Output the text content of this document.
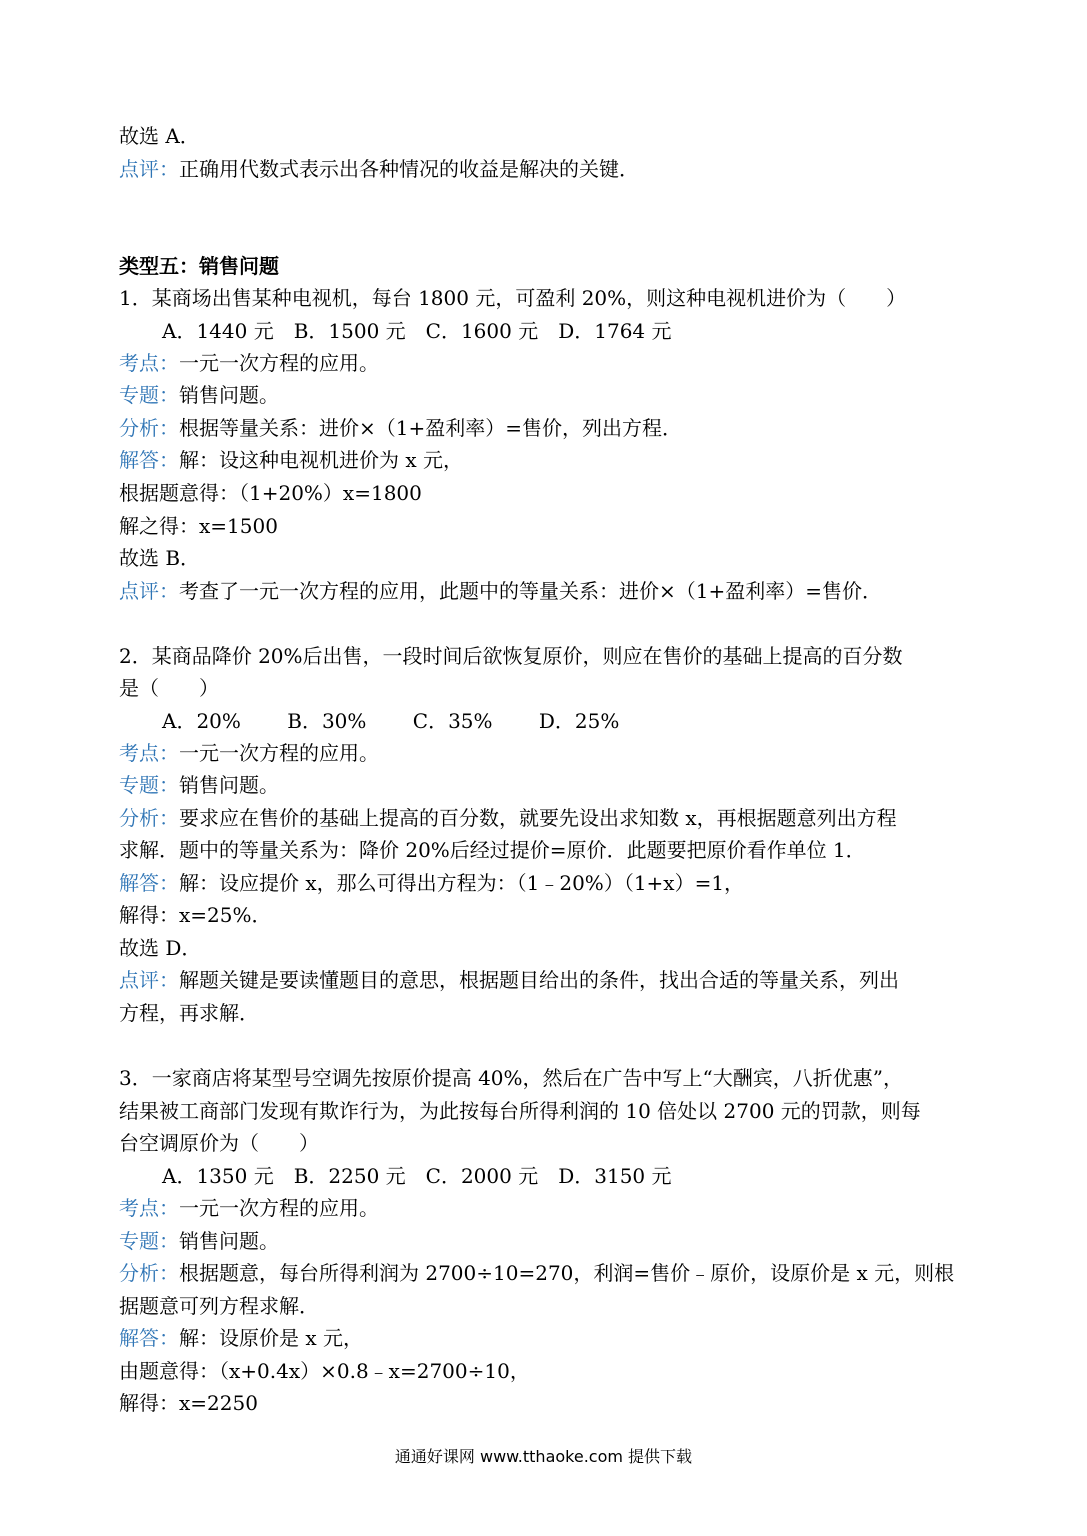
故选 A．
点评：正确用代数式表示出各种情况的收益是解决的关键．
类型五：销售问题
1．某商场出售某种电视机，每台 1800 元，可盈利 20%，则这种电视机进价为（　　）
A．1440 元　B．1500 元　C．1600 元　D．1764 元
考点：一元一次方程的应用。
专题：销售问题。
分析：根据等量关系：进价×（1+盈利率）=售价，列出方程．
解答：解：设这种电视机进价为 x 元，
根据题意得：（1+20%）x=1800
解之得：x=1500
故选 B．
点评：考查了一元一次方程的应用，此题中的等量关系：进价×（1+盈利率）=售价．
2．某商品降价 20%后出售，一段时间后欲恢复原价，则应在售价的基础上提高的百分数
是（　　）
A．20%　　 B．30%　　 C．35%　　 D．25%
考点：一元一次方程的应用。
专题：销售问题。
分析：要求应在售价的基础上提高的百分数，就要先设出求知数 x，再根据题意列出方程
求解．题中的等量关系为：降价 20%后经过提价=原价．此题要把原价看作单位 1．
解答：解：设应提价 x，那么可得出方程为：（1﹣20%）（1+x）=1，
解得：x=25%．
故选 D．
点评：解题关键是要读懂题目的意思，根据题目给出的条件，找出合适的等量关系，列出
方程，再求解．
3．一家商店将某型号空调先按原价提高 40%，然后在广告中写上“大酬宾，八折优惠”，
结果被工商部门发现有欺诈行为，为此按每台所得利润的 10 倍处以 2700 元的罚款，则每
台空调原价为（　　）
A．1350 元　B．2250 元　C．2000 元　D．3150 元
考点：一元一次方程的应用。
专题：销售问题。
分析：根据题意，每台所得利润为 2700÷10=270，利润=售价﹣原价，设原价是 x 元，则根
据题意可列方程求解．
解答：解：设原价是 x 元，
由题意得：（x+0.4x）×0.8﹣x=2700÷10，
解得：x=2250
通通好课网 www.tthaoke.com 提供下载
